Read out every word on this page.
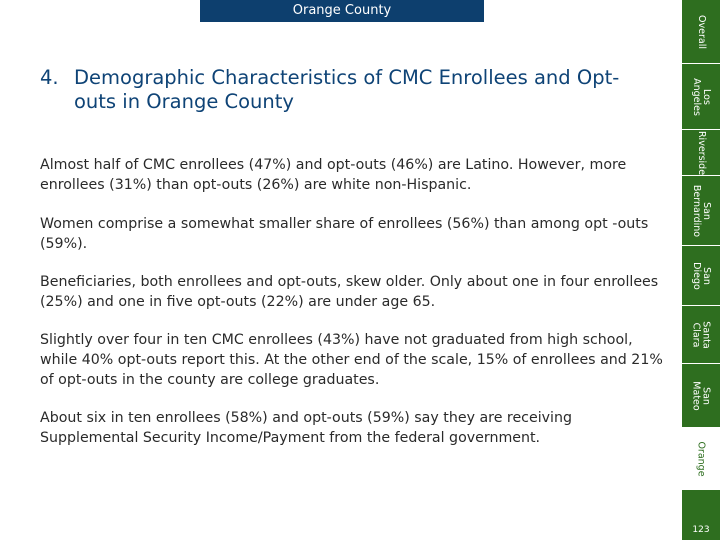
Orange County
4. Demographic Characteristics of CMC Enrollees and Opt-outs in Orange County

Almost half of CMC enrollees (47%) and opt-outs (46%) are Latino. However, more enrollees (31%) than opt-outs (26%) are white non-Hispanic.

Women comprise a somewhat smaller share of enrollees (56%) than among opt -outs (59%).

Beneficiaries, both enrollees and opt-outs, skew older. Only about one in four enrollees (25%) and one in five opt-outs (22%) are under age 65.

Slightly over four in ten CMC enrollees (43%) have not graduated from high school, while 40% opt-outs report this. At the other end of the scale, 15% of enrollees and 21% of opt-outs in the county are college graduates.

About six in ten enrollees (58%) and opt-outs (59%) say they are receiving Supplemental Security Income/Payment from the federal government.

Overall
Los
Angeles
Riverside
San
Bernardino
San
Diego
Santa
Clara
San
Mateo
Orange
123
